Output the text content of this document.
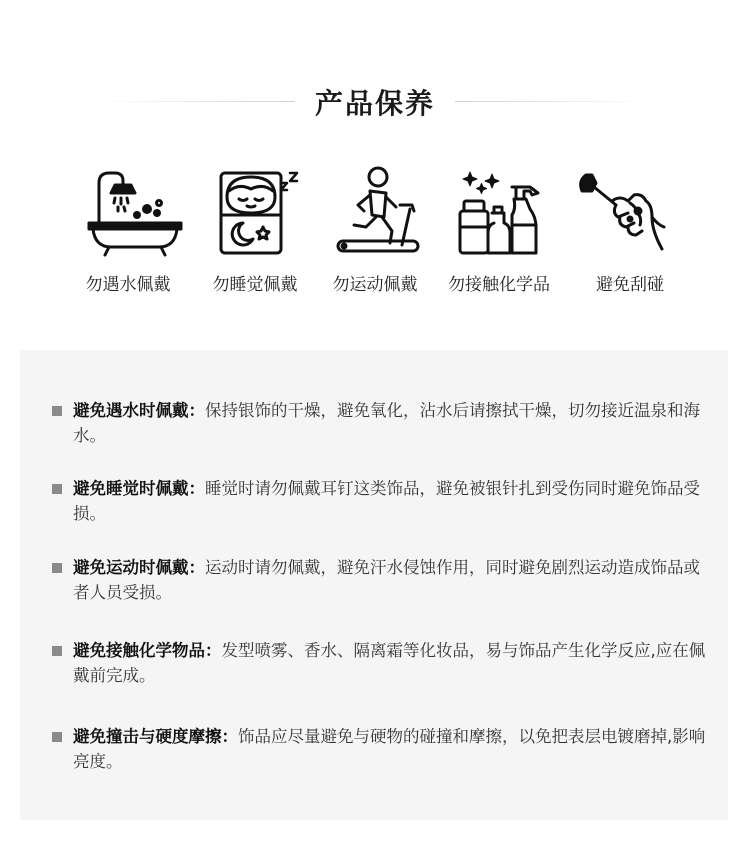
产品保养
勿遇水佩戴	勿睡觉佩戴	勿运动佩戴	勿接触化学品	避免刮碰
避免遇水时佩戴：保持银饰的干燥，避免氧化，沾水后请擦拭干燥，切勿接近温泉和海水。
避免睡觉时佩戴：睡觉时请勿佩戴耳钉这类饰品，避免被银针扎到受伤同时避免饰品受损。
避免运动时佩戴：运动时请勿佩戴，避免汗水侵蚀作用，同时避免剧烈运动造成饰品或者人员受损。
避免接触化学物品：发型喷雾、香水、隔离霜等化妆品，易与饰品产生化学反应,应在佩戴前完成。
避免撞击与硬度摩擦：饰品应尽量避免与硬物的碰撞和摩擦，以免把表层电镀磨掉,影响亮度。
